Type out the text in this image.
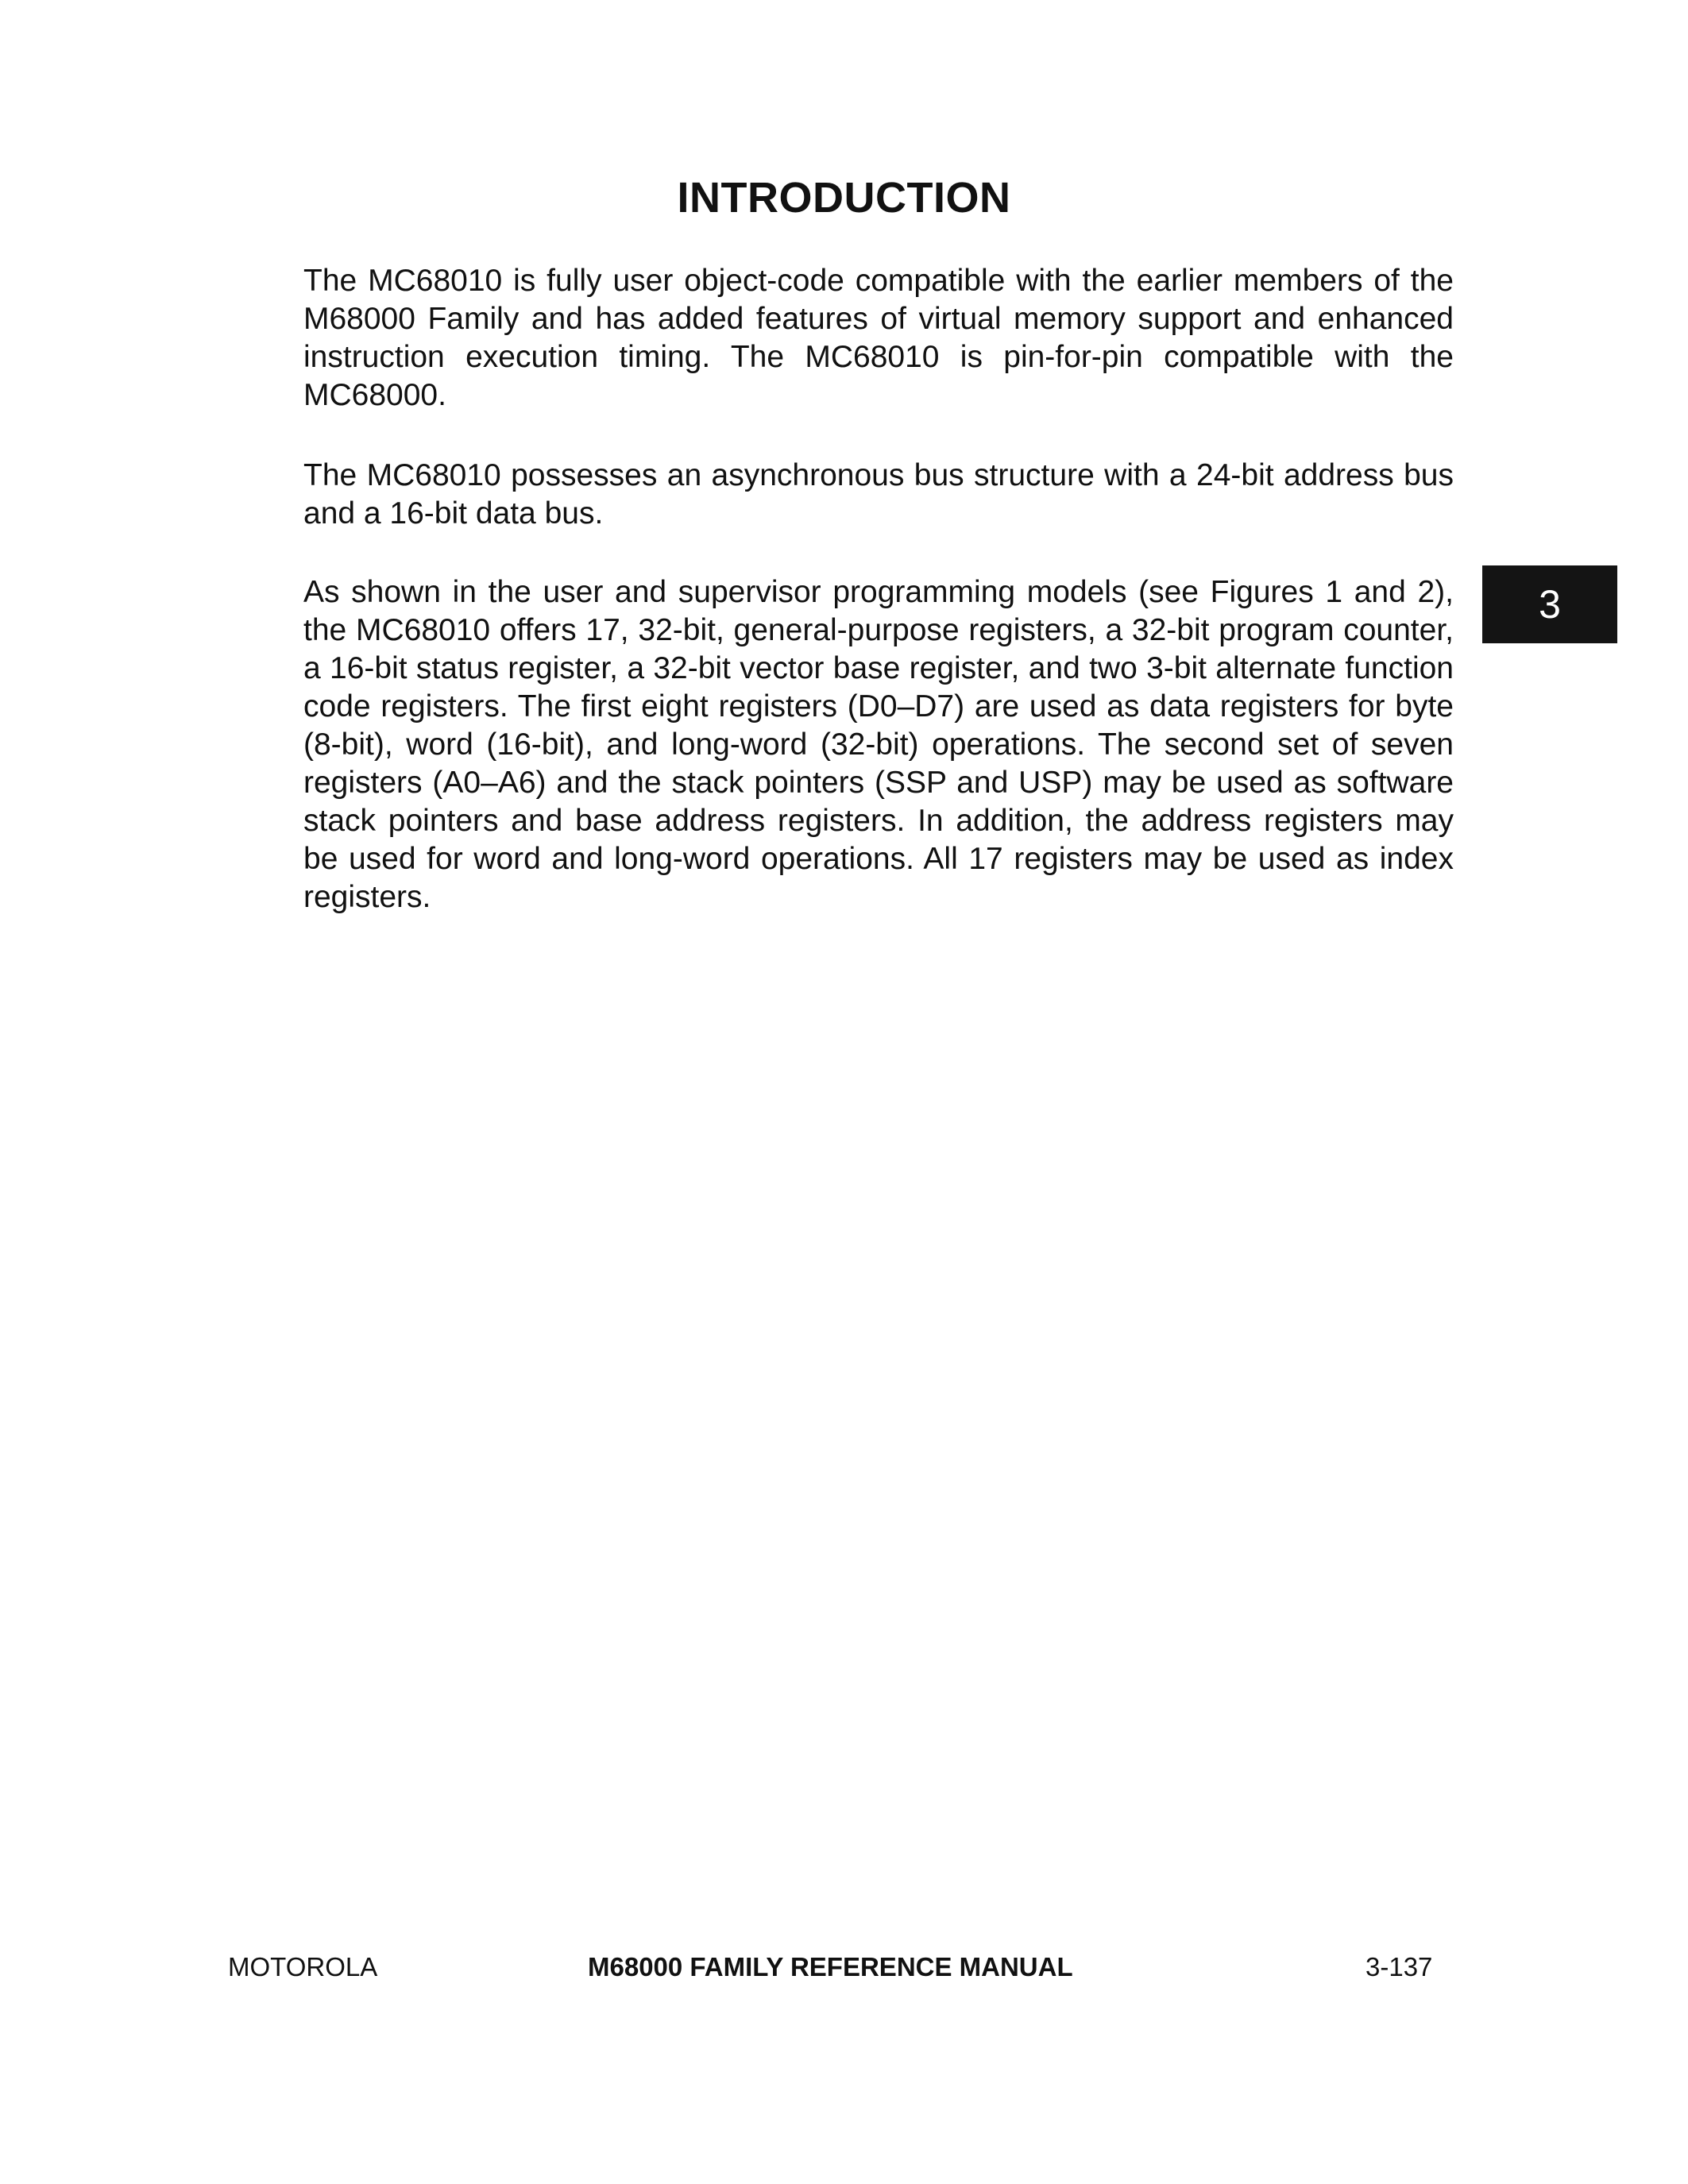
INTRODUCTION

The MC68010 is fully user object-code compatible with the earlier members of the M68000 Family and has added features of virtual memory support and enhanced instruction execution timing. The MC68010 is pin-for-pin compatible with the MC68000.

The MC68010 possesses an asynchronous bus structure with a 24-bit address bus and a 16-bit data bus.

As shown in the user and supervisor programming models (see Figures 1 and 2), the MC68010 offers 17, 32-bit, general-purpose registers, a 32-bit program counter, a 16-bit status register, a 32-bit vector base register, and two 3-bit alternate function code registers. The first eight registers (D0–D7) are used as data registers for byte (8-bit), word (16-bit), and long-word (32-bit) operations. The second set of seven registers (A0–A6) and the stack pointers (SSP and USP) may be used as software stack pointers and base address registers. In addition, the address registers may be used for word and long-word operations. All 17 registers may be used as index registers.

3

MOTOROLA	M68000 FAMILY REFERENCE MANUAL	3-137
